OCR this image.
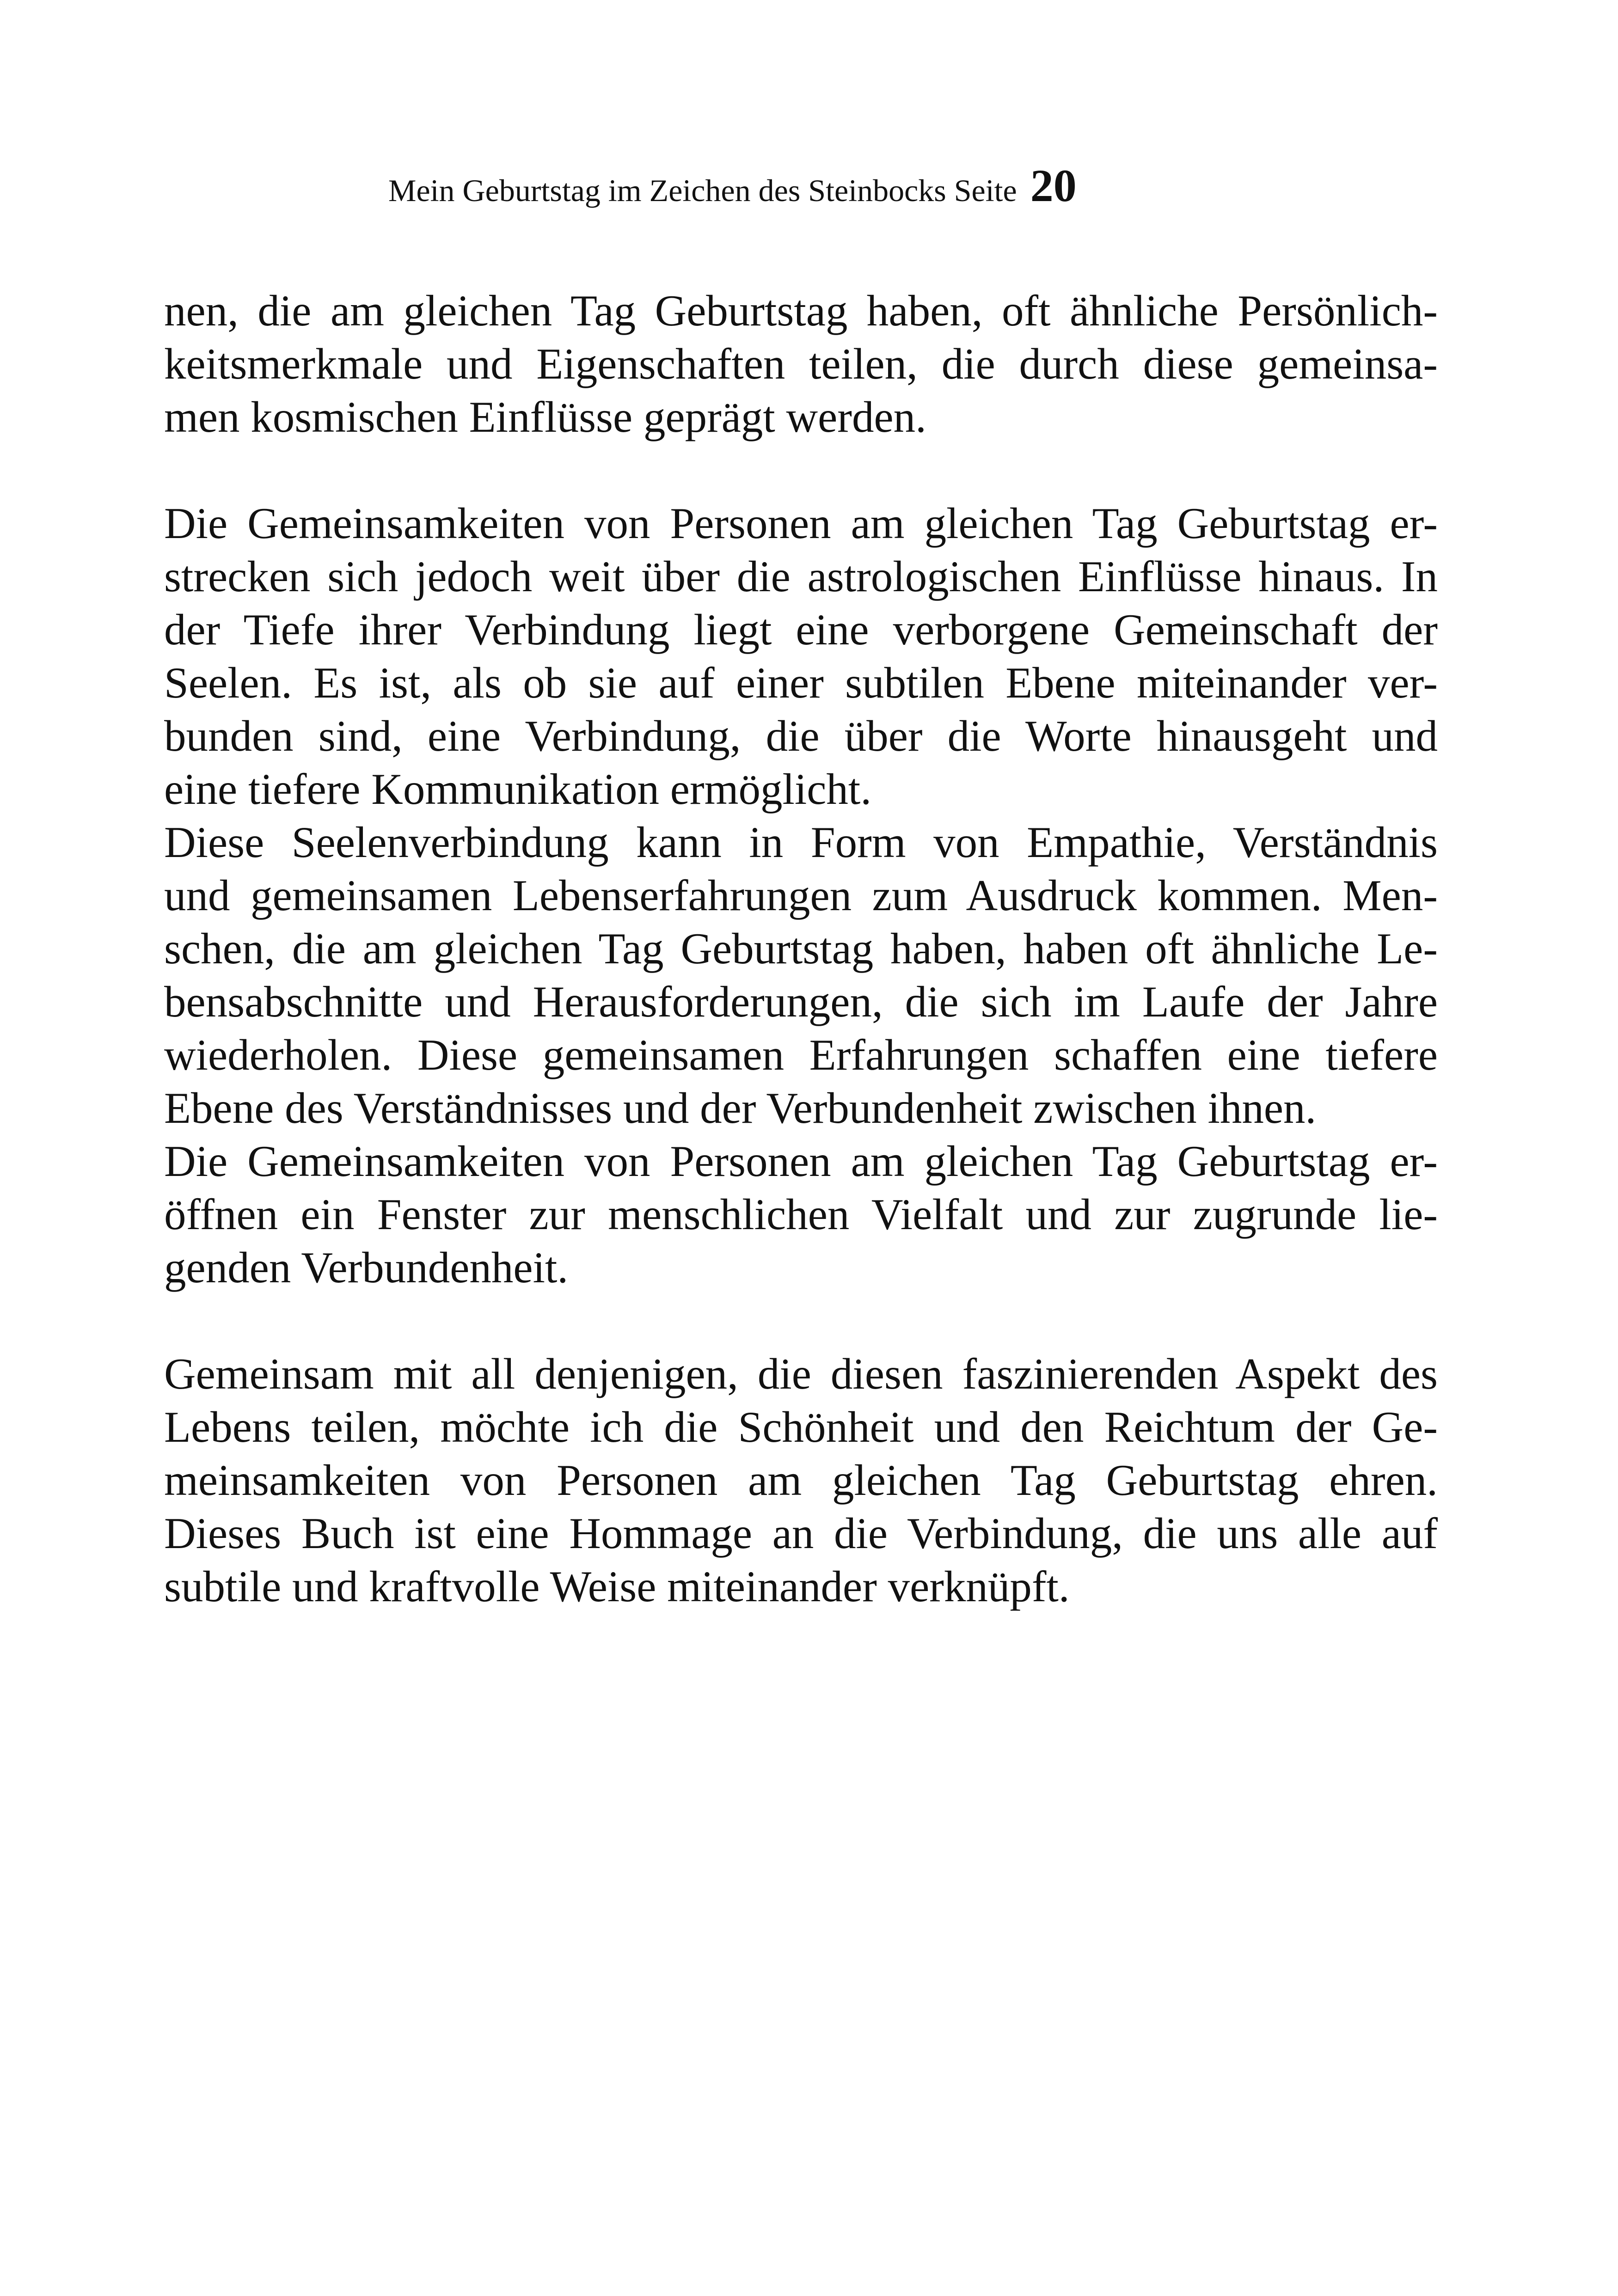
Mein Geburtstag im Zeichen des Steinbocks Seite 20
nen, die am gleichen Tag Geburtstag haben, oft ähnliche Persönlich-
keitsmerkmale und Eigenschaften teilen, die durch diese gemeinsa-
men kosmischen Einflüsse geprägt werden.
Die Gemeinsamkeiten von Personen am gleichen Tag Geburtstag er-
strecken sich jedoch weit über die astrologischen Einflüsse hinaus. In
der Tiefe ihrer Verbindung liegt eine verborgene Gemeinschaft der
Seelen. Es ist, als ob sie auf einer subtilen Ebene miteinander ver-
bunden sind, eine Verbindung, die über die Worte hinausgeht und
eine tiefere Kommunikation ermöglicht.
Diese Seelenverbindung kann in Form von Empathie, Verständnis
und gemeinsamen Lebenserfahrungen zum Ausdruck kommen. Men-
schen, die am gleichen Tag Geburtstag haben, haben oft ähnliche Le-
bensabschnitte und Herausforderungen, die sich im Laufe der Jahre
wiederholen. Diese gemeinsamen Erfahrungen schaffen eine tiefere
Ebene des Verständnisses und der Verbundenheit zwischen ihnen.
Die Gemeinsamkeiten von Personen am gleichen Tag Geburtstag er-
öffnen ein Fenster zur menschlichen Vielfalt und zur zugrunde lie-
genden Verbundenheit.
Gemeinsam mit all denjenigen, die diesen faszinierenden Aspekt des
Lebens teilen, möchte ich die Schönheit und den Reichtum der Ge-
meinsamkeiten von Personen am gleichen Tag Geburtstag ehren.
Dieses Buch ist eine Hommage an die Verbindung, die uns alle auf
subtile und kraftvolle Weise miteinander verknüpft.
